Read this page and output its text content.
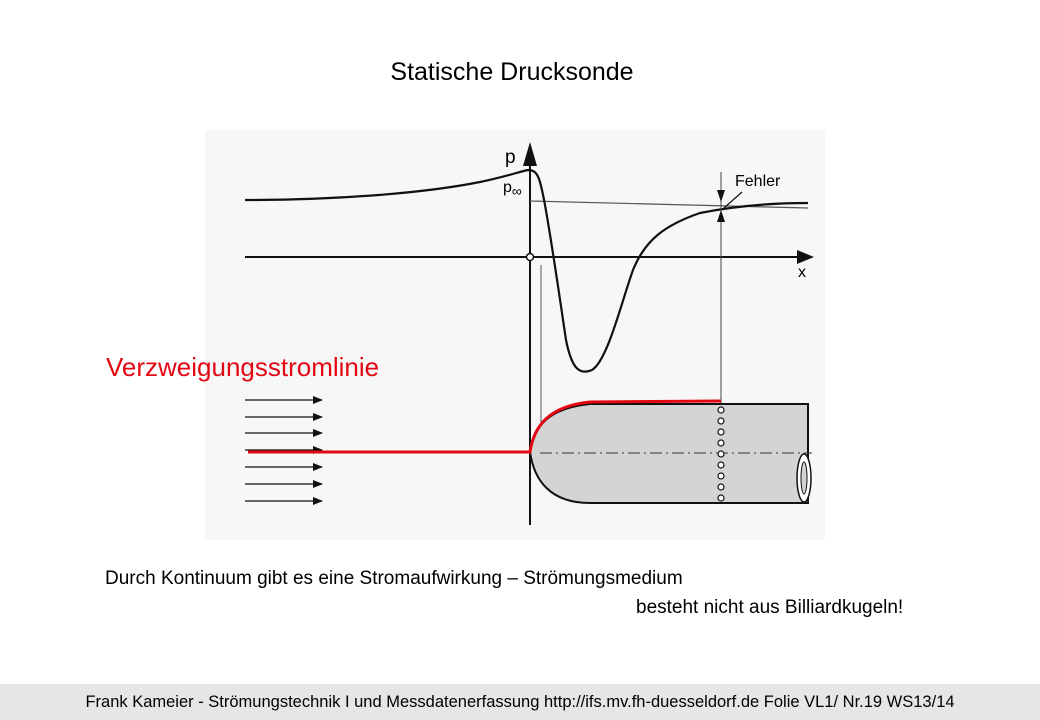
Statische Drucksonde
p
p∞
x
Fehler
Verzweigungsstromlinie
Durch Kontinuum gibt es eine Stromaufwirkung – Strömungsmedium
besteht nicht aus Billiardkugeln!
Frank Kameier - Strömungstechnik I und Messdatenerfassung http://ifs.mv.fh-duesseldorf.de Folie VL1/ Nr.19 WS13/14
